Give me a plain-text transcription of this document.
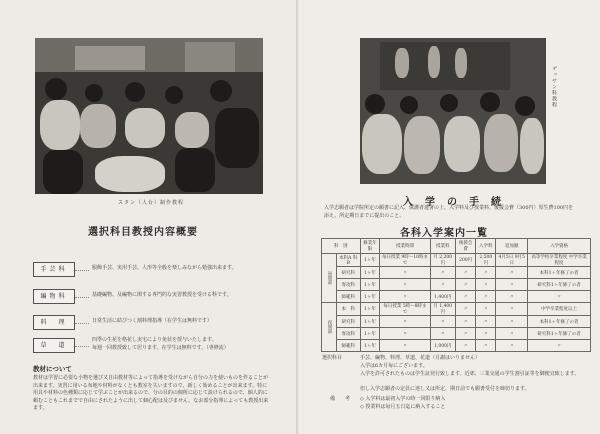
スタン（人台）制作教程
選択科目教授内容概要
手芸科	服飾手芸、実用手芸、人形等全般を楽しみながら勉強出来ます。
編物科	基礎編物、及編物に関する専門的な実習教授を受ける科です。
料　理	日常生活に結びつく割料理指導（在学生は無料です）
草　道
四季の生花を格花し実宅により免状を授与いたします。
毎週一回教授致して居ります。在学生は無料です。（専修流）
教材について
教材は学習に必要な小物を遺び又自由教材等によって指導を受けながら自分の力を使いものを作ることが出来ます。実習に用いる布地や材料がなくとも教室を失いますので、新しく始めることが出来ます。特に用具や材料の色種類に応じて学ぶことが出来るので、分の目的の個所に応じて設けられるので、個人的に頼むこともこれまでで自由にされたように出して個心配は及びません。なお部分指導によっても教授出来ます。
デッサン科教程
入　学　の　手　続
入学志願者は学院所定の願書に記入、保護者連署の上、入学料及び授業料、後援会費（300円）厚生費100円を添え、所定期日までに提出のこと。
各科入学案内一覧
科　別		修業年限	授業時間	授業料	後援会費	入学料	追加額	入学資格
昼間部	本科A 科B	1ヶ年	毎日授業 9時～10時まで	月 2,200円	200円	2,500円	4月5日 9月5日	高等学校卒業程度 中学卒業程度
	研究科	1ヶ年	〃	〃	〃	〃	〃	本科1ヶ年修了の者
	専攻科	1ヶ年	〃	〃	〃	〃	〃	研究科1ヶ年修了の者
	師範科	1ヶ年	〃	1,400円	〃	〃	〃	〃
夜間部	本　科	1ヶ年	毎日授業 5時～8時まで	月 1,400円	〃	〃	〃	中学卒業程度以上
	研究科	1ヶ年	〃	〃	〃	〃	〃	本科1ヶ年修了の者
	専攻科	1ヶ年	〃	〃	〃	〃	〃	研究科1ヶ年修了の者
	師範科	1ヶ年	〃	1,000円	〃	〃	〃	〃
選択科目	手芸、編物、料理、草道、花道（月謝はいりません）
入学は6カ月毎にございます。
入学を許可されたものは学生証発行致します。近郊、三業交通の学生割引証等を御便宜致します。
但し入学志願者の定員に達し又は所定、期日前でも願書受付を締切ります。
備　　考 ◇ 入学料は最初入学の時一回限り納入
◇ 授業料は毎月五日迄に納入すること
